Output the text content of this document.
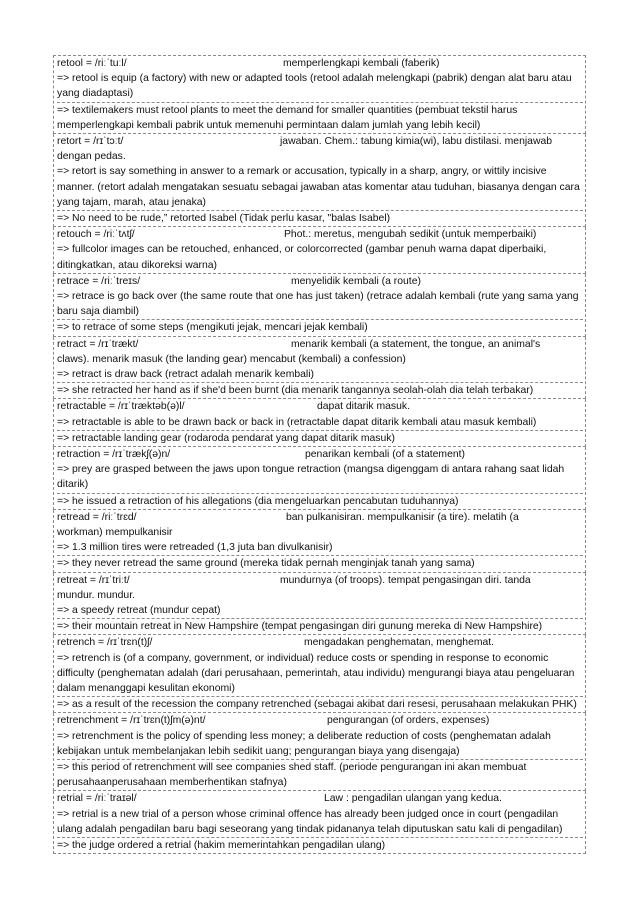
retool = /riːˈtuːl/	memperlengkapi kembali (faberik)
=> retool is equip (a factory) with new or adapted tools (retool adalah melengkapi (pabrik) dengan alat baru atau yang diadaptasi)
=> textilemakers must retool plants to meet the demand for smaller quantities (pembuat tekstil harus memperlengkapi kembali pabrik untuk memenuhi permintaan dalam jumlah yang lebih kecil)
retort = /rɪˈtɔːt/	jawaban. Chem.: tabung kimia(wi), labu distilasi. menjawab
dengan pedas.
=> retort is say something in answer to a remark or accusation, typically in a sharp, angry, or wittily incisive manner. (retort adalah mengatakan sesuatu sebagai jawaban atas komentar atau tuduhan, biasanya dengan cara yang tajam, marah, atau jenaka)
=> No need to be rude,” retorted Isabel (Tidak perlu kasar, "balas Isabel)
retouch = /riːˈtʌtʃ/	Phot.: meretus, mengubah sedikit (untuk memperbaiki)
=> fullcolor images can be retouched, enhanced, or colorcorrected (gambar penuh warna dapat diperbaiki, ditingkatkan, atau dikoreksi warna)
retrace = /riːˈtreɪs/	menyelidik kembali (a route)
=> retrace is go back over (the same route that one has just taken) (retrace adalah kembali (rute yang sama yang baru saja diambil)
=> to retrace of some steps (mengikuti jejak, mencari jejak kembali)
retract = /rɪˈtrækt/	menarik kembali (a statement, the tongue, an animal's
claws). menarik masuk (the landing gear) mencabut (kembali) a confession)
=> retract is draw back (retract adalah menarik kembali)
=> she retracted her hand as if she'd been burnt (dia menarik tangannya seolah-olah dia telah terbakar)
retractable = /rɪˈtræktəb(ə)l/	dapat ditarik masuk.
=> retractable is able to be drawn back or back in (retractable dapat ditarik kembali atau masuk kembali)
=> retractable landing gear (rodaroda pendarat yang dapat ditarik masuk)
retraction = /rɪˈtrækʃ(ə)n/	penarikan kembali (of a statement)
=> prey are grasped between the jaws upon tongue retraction (mangsa digenggam di antara rahang saat lidah ditarik)
=> he issued a retraction of his allegations (dia mengeluarkan pencabutan tuduhannya)
retread = /riːˈtrɛd/	ban pulkanisiran. mempulkanisir (a tire). melatih (a
workman) mempulkanisir
=> 1.3 million tires were retreaded (1,3 juta ban divulkanisir)
=> they never retread the same ground (mereka tidak pernah menginjak tanah yang sama)
retreat = /rɪˈtriːt/	mundurnya (of troops). tempat pengasingan diri. tanda
mundur. mundur.
=> a speedy retreat (mundur cepat)
=> their mountain retreat in New Hampshire (tempat pengasingan diri gunung mereka di New Hampshire)
retrench = /rɪˈtrɛn(t)ʃ/	mengadakan penghematan, menghemat.
=> retrench is (of a company, government, or individual) reduce costs or spending in response to economic difficulty (penghematan adalah (dari perusahaan, pemerintah, atau individu) mengurangi biaya atau pengeluaran dalam menanggapi kesulitan ekonomi)
=> as a result of the recession the company retrenched (sebagai akibat dari resesi, perusahaan melakukan PHK)
retrenchment = /rɪˈtrɛn(t)ʃm(ə)nt/	pengurangan (of orders, expenses)
=> retrenchment is the policy of spending less money; a deliberate reduction of costs (penghematan adalah kebijakan untuk membelanjakan lebih sedikit uang; pengurangan biaya yang disengaja)
=> this period of retrenchment will see companies shed staff. (periode pengurangan ini akan membuat perusahaanperusahaan memberhentikan stafnya)
retrial = /riːˈtraɪəl/	Law : pengadilan ulangan yang kedua.
=> retrial is a new trial of a person whose criminal offence has already been judged once in court (pengadilan ulang adalah pengadilan baru bagi seseorang yang tindak pidananya telah diputuskan satu kali di pengadilan)
=> the judge ordered a retrial (hakim memerintahkan pengadilan ulang)
